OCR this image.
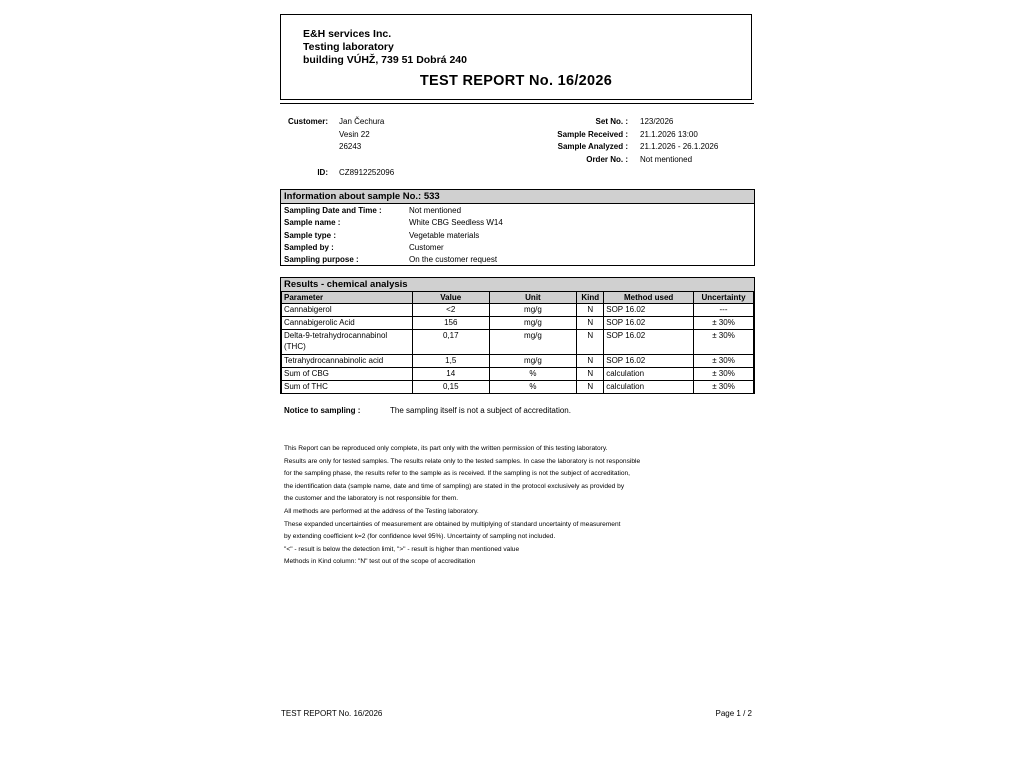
E&H services Inc.
Testing laboratory
building VÚHŽ, 739 51 Dobrá 240
TEST REPORT No. 16/2026
Customer: Jan Čechura
Vesin 22
26243
ID: CZ8912252096
Set No. : 123/2026
Sample Received : 21.1.2026 13:00
Sample Analyzed : 21.1.2026 - 26.1.2026
Order No. : Not mentioned
Information about sample No.: 533
Sampling Date and Time :	Not mentioned
Sample name :	White CBG Seedless W14
Sample type :	Vegetable materials
Sampled by :	Customer
Sampling purpose :	On the customer request
Results - chemical analysis
Parameter	Value	Unit	Kind	Method used	Uncertainty
Cannabigerol	<2	mg/g	N	SOP 16.02	---
Cannabigerolic Acid	156	mg/g	N	SOP 16.02	± 30%

Delta-9-tetrahydrocannabinol
(THC)	0,17	mg/g	N	SOP 16.02	± 30%
Tetrahydrocannabinolic acid	1,5	mg/g	N	SOP 16.02	± 30%
Sum of CBG	14	%	N	calculation	± 30%
Sum of THC	0,15	%	N	calculation	± 30%
Notice to sampling :	The sampling itself is not a subject of accreditation.
This Report can be reproduced only complete, its part only with the written permission of this testing laboratory.
Results are only for tested samples. The results relate only to the tested samples. In case the laboratory is not responsible
for the sampling phase, the results refer to the sample as is received. If the sampling is not the subject of accreditation,
the identification data (sample name, date and time of sampling) are stated in the protocol exclusively as provided by
the customer and the laboratory is not responsible for them.
All methods are performed at the address of the Testing laboratory.
These expanded uncertainties of measurement are obtained by multiplying of standard uncertainty of measurement
by extending coefficient k=2 (for confidence level 95%). Uncertainty of sampling not included.
"<" - result is below the detection limit, ">" - result is higher than mentioned value
Methods in Kind column: "N" test out of the scope of accreditation
TEST REPORT No. 16/2026	Page 1 / 2
